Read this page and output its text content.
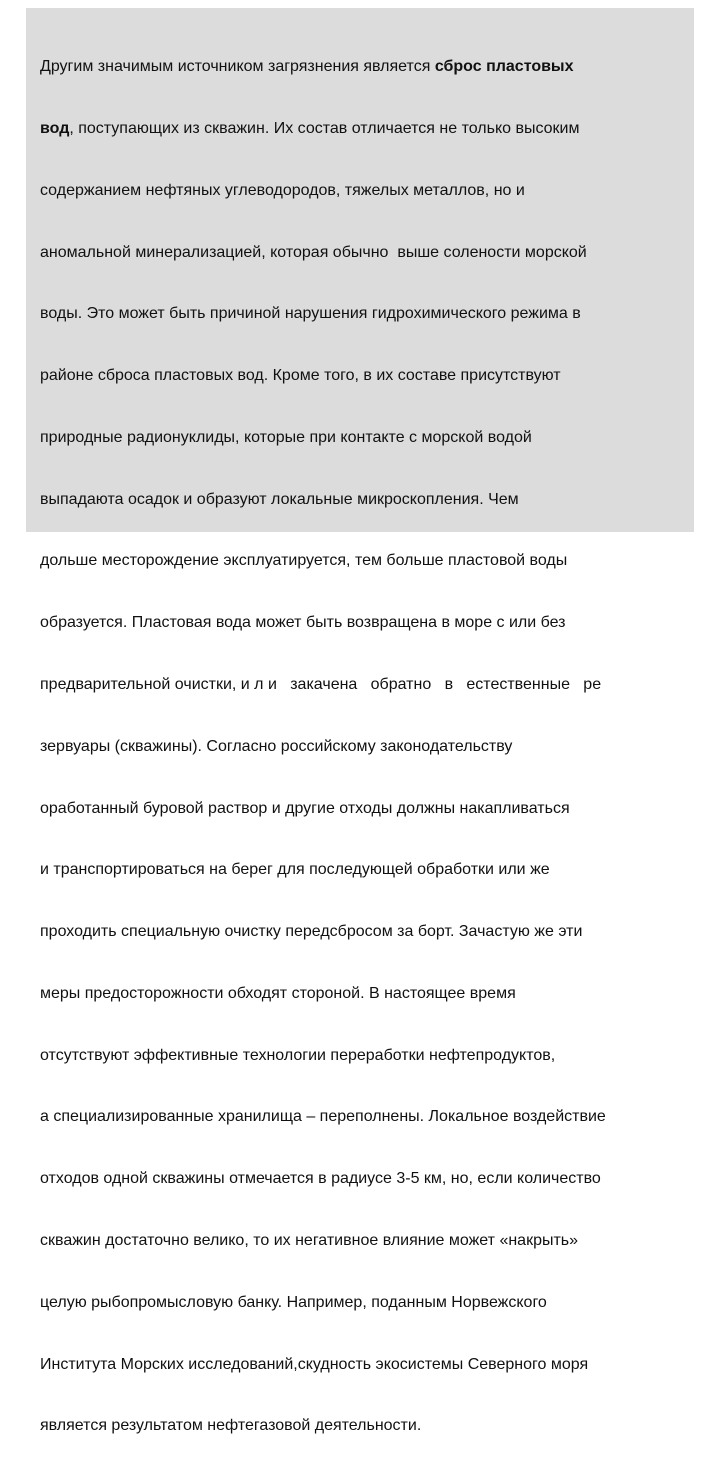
Другим значимым источником загрязнения является сброс пластовых

вод, поступающих из скважин. Их состав отличается не только высоким

содержанием нефтяных углеводородов, тяжелых металлов, но и

аномальной минерализацией, которая обычно  выше солености морской

воды. Это может быть причиной нарушения гидрохимического режима в

районе сброса пластовых вод. Кроме того, в их составе присутствуют

природные радионуклиды, которые при контакте с морской водой

выпадаюта осадок и образуют локальные микроскопления. Чем

дольше месторождение эксплуатируется, тем больше пластовой воды

образуется. Пластовая вода может быть возвращена в море с или без

предварительной очистки, и л и   закачена   обратно   в   естественные   ре

зервуары (скважины). Согласно российскому законодательству

оработанный буровой раствор и другие отходы должны накапливаться

и транспортироваться на берег для последующей обработки или же

проходить специальную очистку передсбросом за борт. Зачастую же эти

меры предосторожности обходят стороной. В настоящее время

отсутствуют эффективные технологии переработки нефтепродуктов,

а специализированные хранилища – переполнены. Локальное воздействие

отходов одной скважины отмечается в радиусе 3-5 км, но, если количество

скважин достаточно велико, то их негативное влияние может «накрыть»

целую рыбопромысловую банку. Например, поданным Норвежского

Института Морских исследований,скудность экосистемы Северного моря

является результатом нефтегазовой деятельности.
